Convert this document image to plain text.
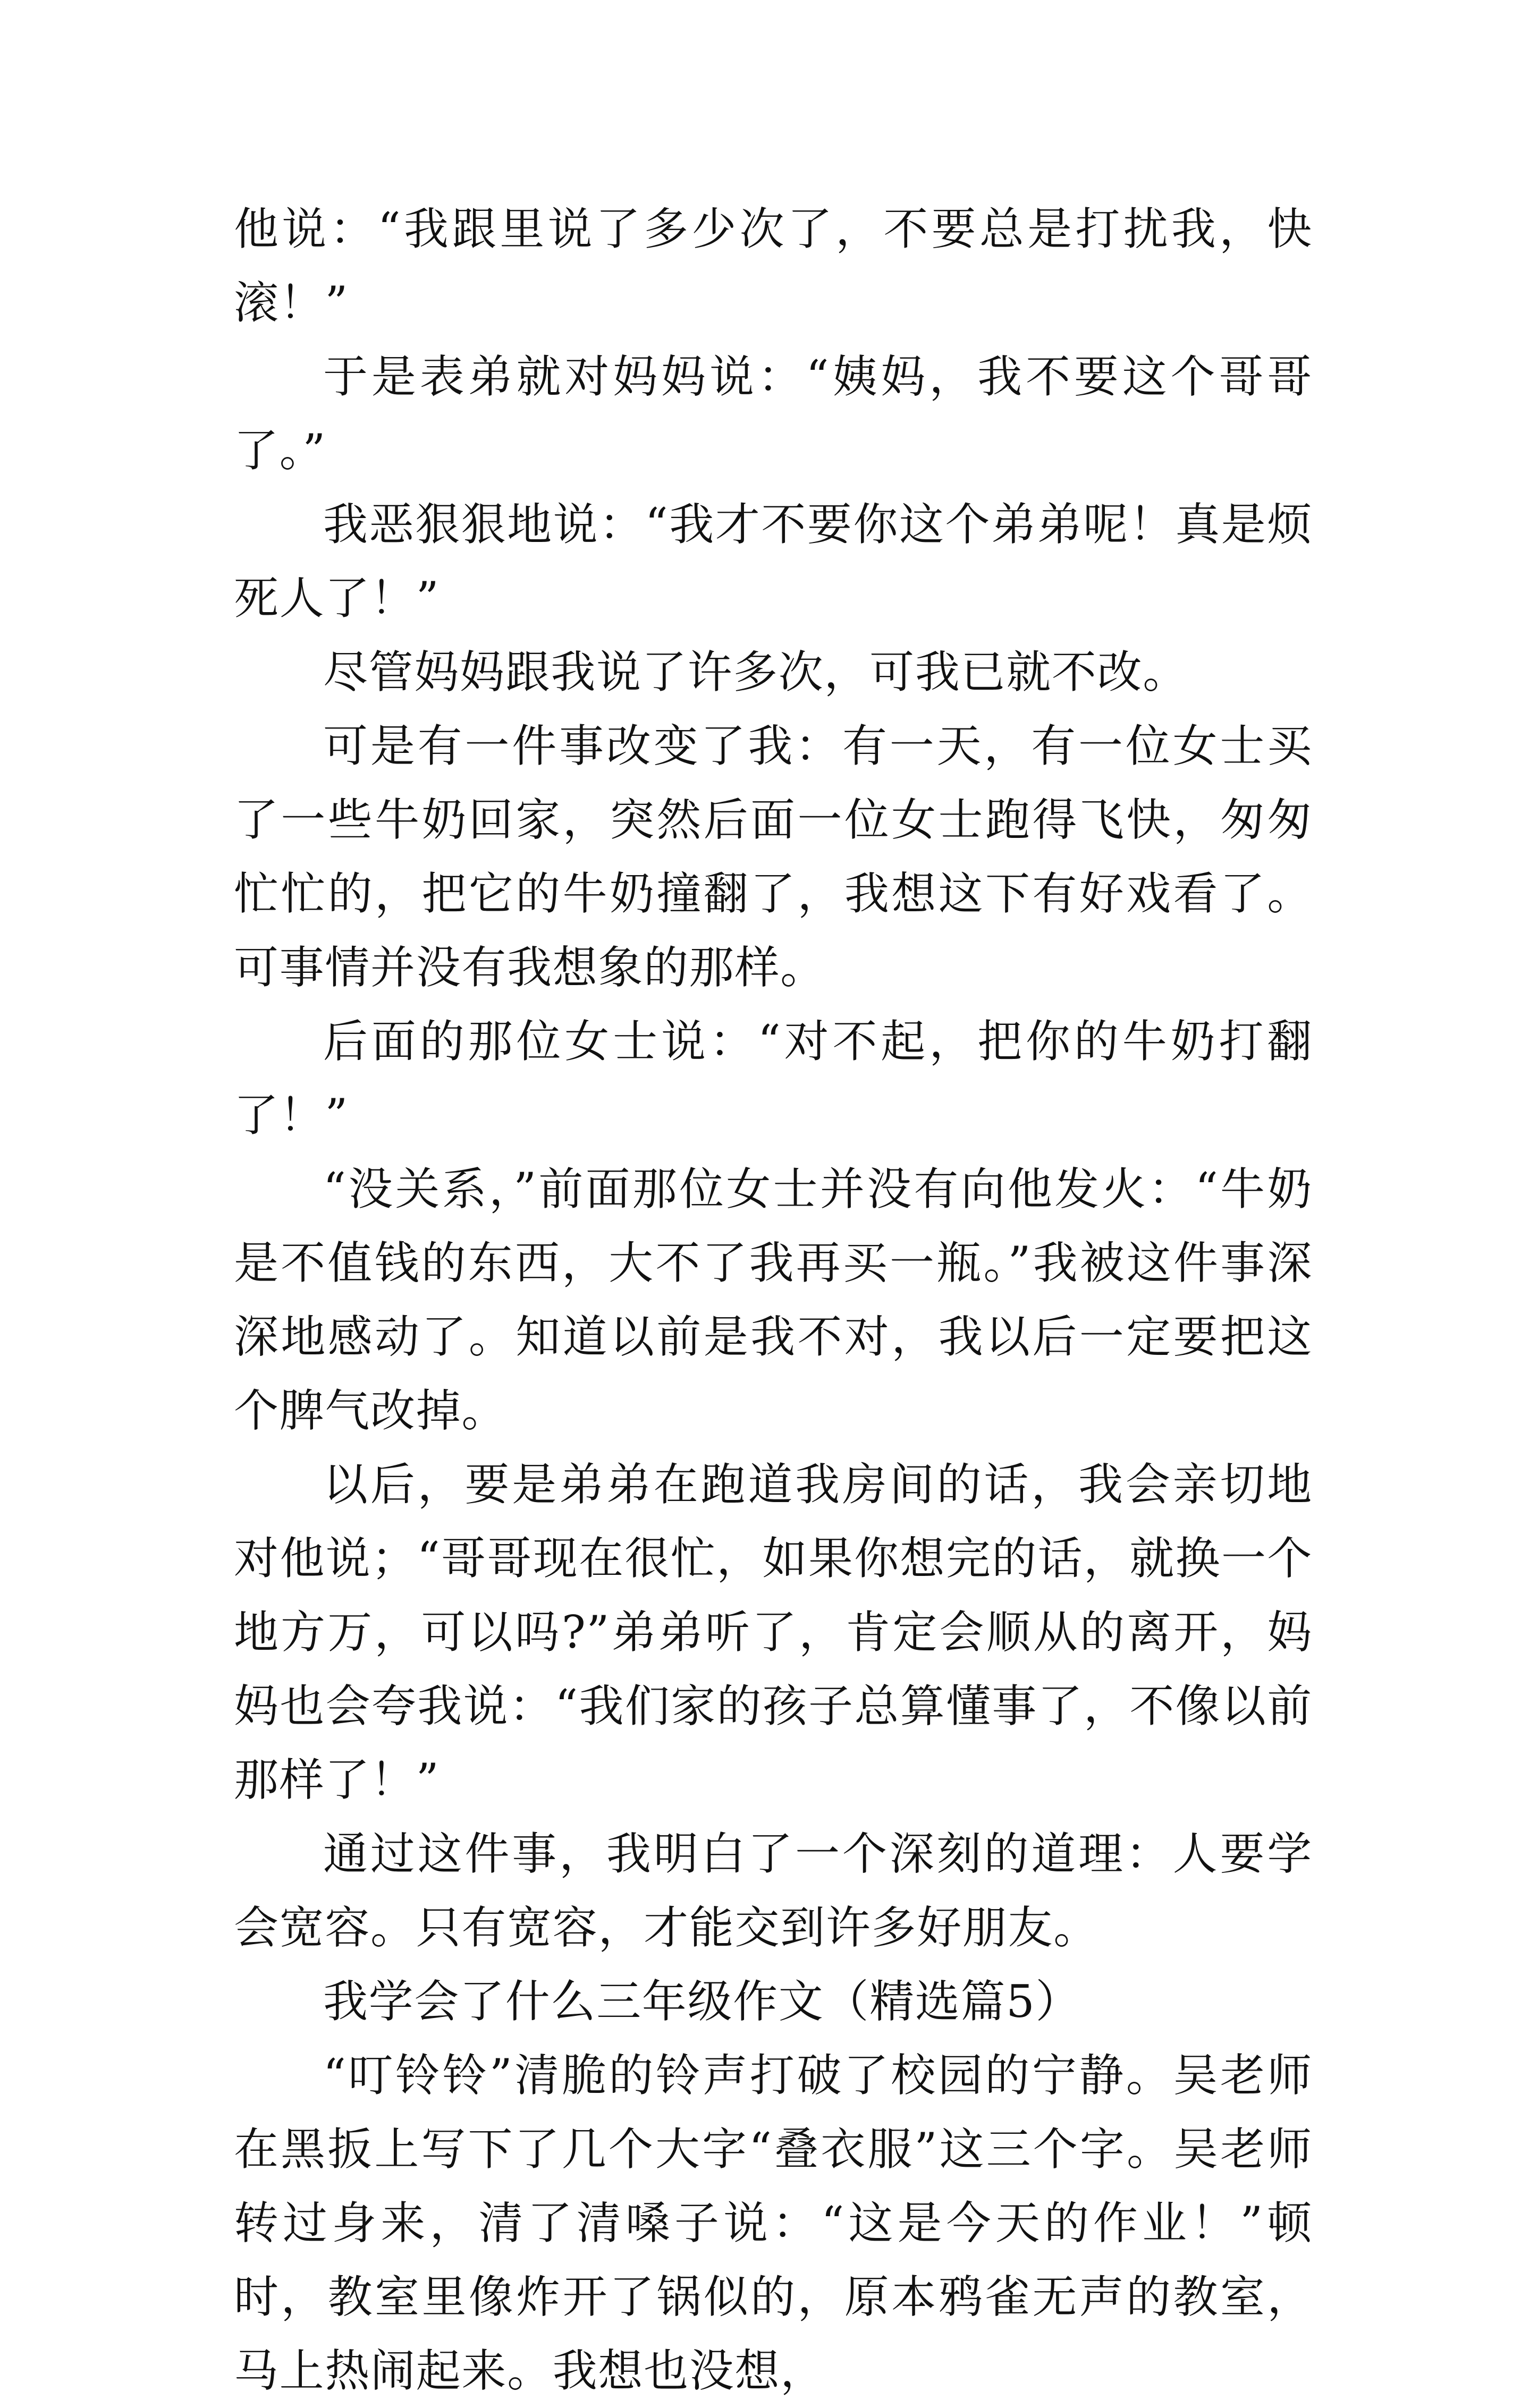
他说：“我跟里说了多少次了，不要总是打扰我，快滚！”

于是表弟就对妈妈说：“姨妈，我不要这个哥哥了。”

我恶狠狠地说：“我才不要你这个弟弟呢！真是烦死人了！”

尽管妈妈跟我说了许多次，可我已就不改。

可是有一件事改变了我：有一天，有一位女士买了一些牛奶回家，突然后面一位女士跑得飞快，匆匆忙忙的，把它的牛奶撞翻了，我想这下有好戏看了。可事情并没有我想象的那样。

后面的那位女士说：“对不起，把你的牛奶打翻了！”

“没关系，”前面那位女士并没有向他发火：“牛奶是不值钱的东西，大不了我再买一瓶。”我被这件事深深地感动了。知道以前是我不对，我以后一定要把这个脾气改掉。

以后，要是弟弟在跑道我房间的话，我会亲切地对他说；“哥哥现在很忙，如果你想完的话，就换一个地方万，可以吗?”弟弟听了，肯定会顺从的离开，妈妈也会夸我说：“我们家的孩子总算懂事了，不像以前那样了！”

通过这件事，我明白了一个深刻的道理：人要学会宽容。只有宽容，才能交到许多好朋友。

我学会了什么三年级作文（精选篇5）

“叮铃铃”清脆的铃声打破了校园的宁静。吴老师在黑扳上写下了几个大字“叠衣服”这三个字。吴老师转过身来，清了清嗓子说：“这是今天的作业！”顿时，教室里像炸开了锅似的，原本鸦雀无声的教室，马上热闹起来。我想也没想，
